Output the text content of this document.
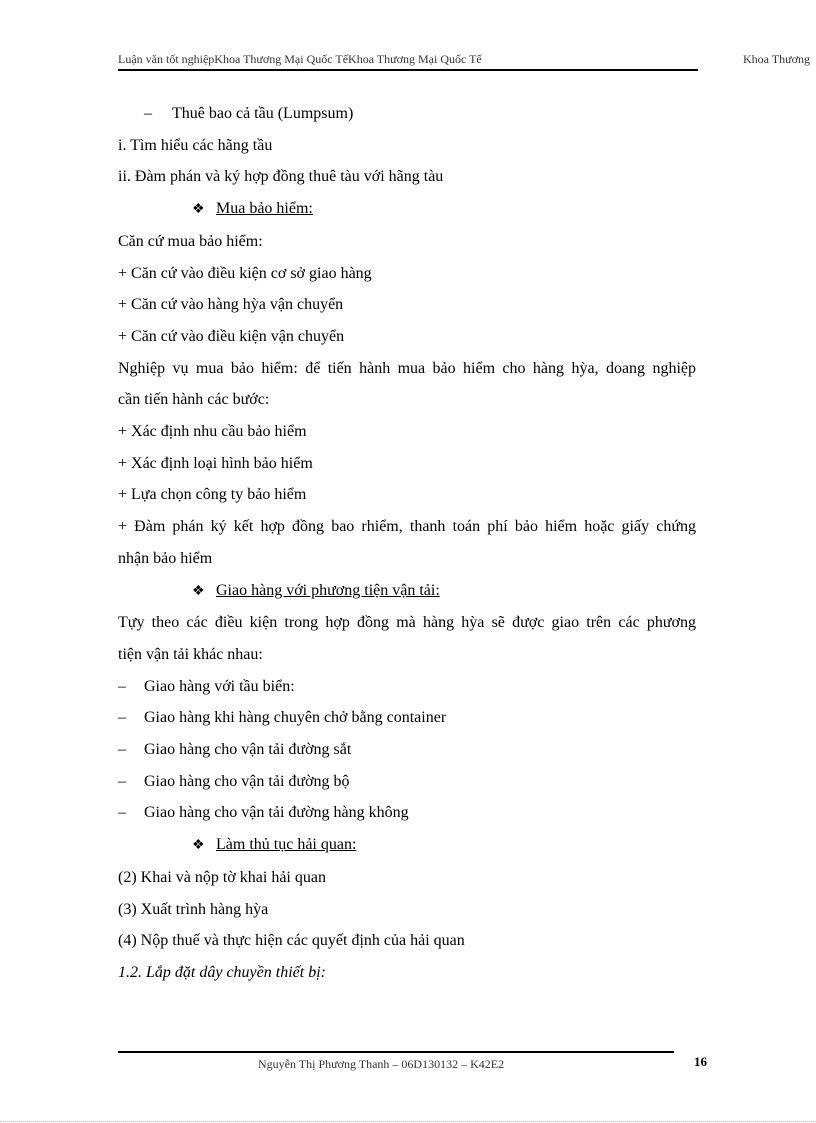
Luận văn tốt nghiệpKhoa Thương Mại Quốc TếKhoa Thương Mại Quốc Tế	Khoa Thương
– Thuê bao cả tầu (Lumpsum)
i. Tìm hiểu các hãng tầu
ii. Đàm phán và ký hợp đồng thuê tàu với hãng tàu
❖ Mua bảo hiểm:
Căn cứ mua bảo hiểm:
+ Căn cứ vào điều kiện cơ sở giao hàng
+ Căn cứ vào hàng hỳa vận chuyển
+ Căn cứ vào điều kiện vận chuyển
Nghiệp vụ mua bảo hiểm: để tiến hành mua bảo hiểm cho hàng hỳa, doang nghiệp
cần tiến hành các bước:
+ Xác định nhu cầu bảo hiểm
+ Xác định loại hình bảo hiểm
+ Lựa chọn công ty bảo hiểm
+ Đàm phán ký kết hợp đồng bao rhiểm, thanh toán phí bảo hiểm hoặc giấy chứng
nhận bảo hiểm
❖ Giao hàng với phương tiện vận tải:
Tựy theo các điều kiện trong hợp đồng mà hàng hỳa sẽ được giao trên các phương
tiện vận tải khác nhau:
– Giao hàng với tầu biển:
– Giao hàng khi hàng chuyên chở bằng container
– Giao hàng cho vận tải đường sắt
– Giao hàng cho vận tải đường bộ
– Giao hàng cho vận tải đường hàng không
❖ Làm thủ tục hải quan:
(2) Khai và nộp tờ khai hải quan
(3) Xuất trình hàng hỳa
(4) Nộp thuế và thực hiện các quyết định của hải quan
1.2. Lắp đặt dây chuyền thiết bị:
Nguyễn Thị Phương Thanh – 06D130132 – K42E2	16
